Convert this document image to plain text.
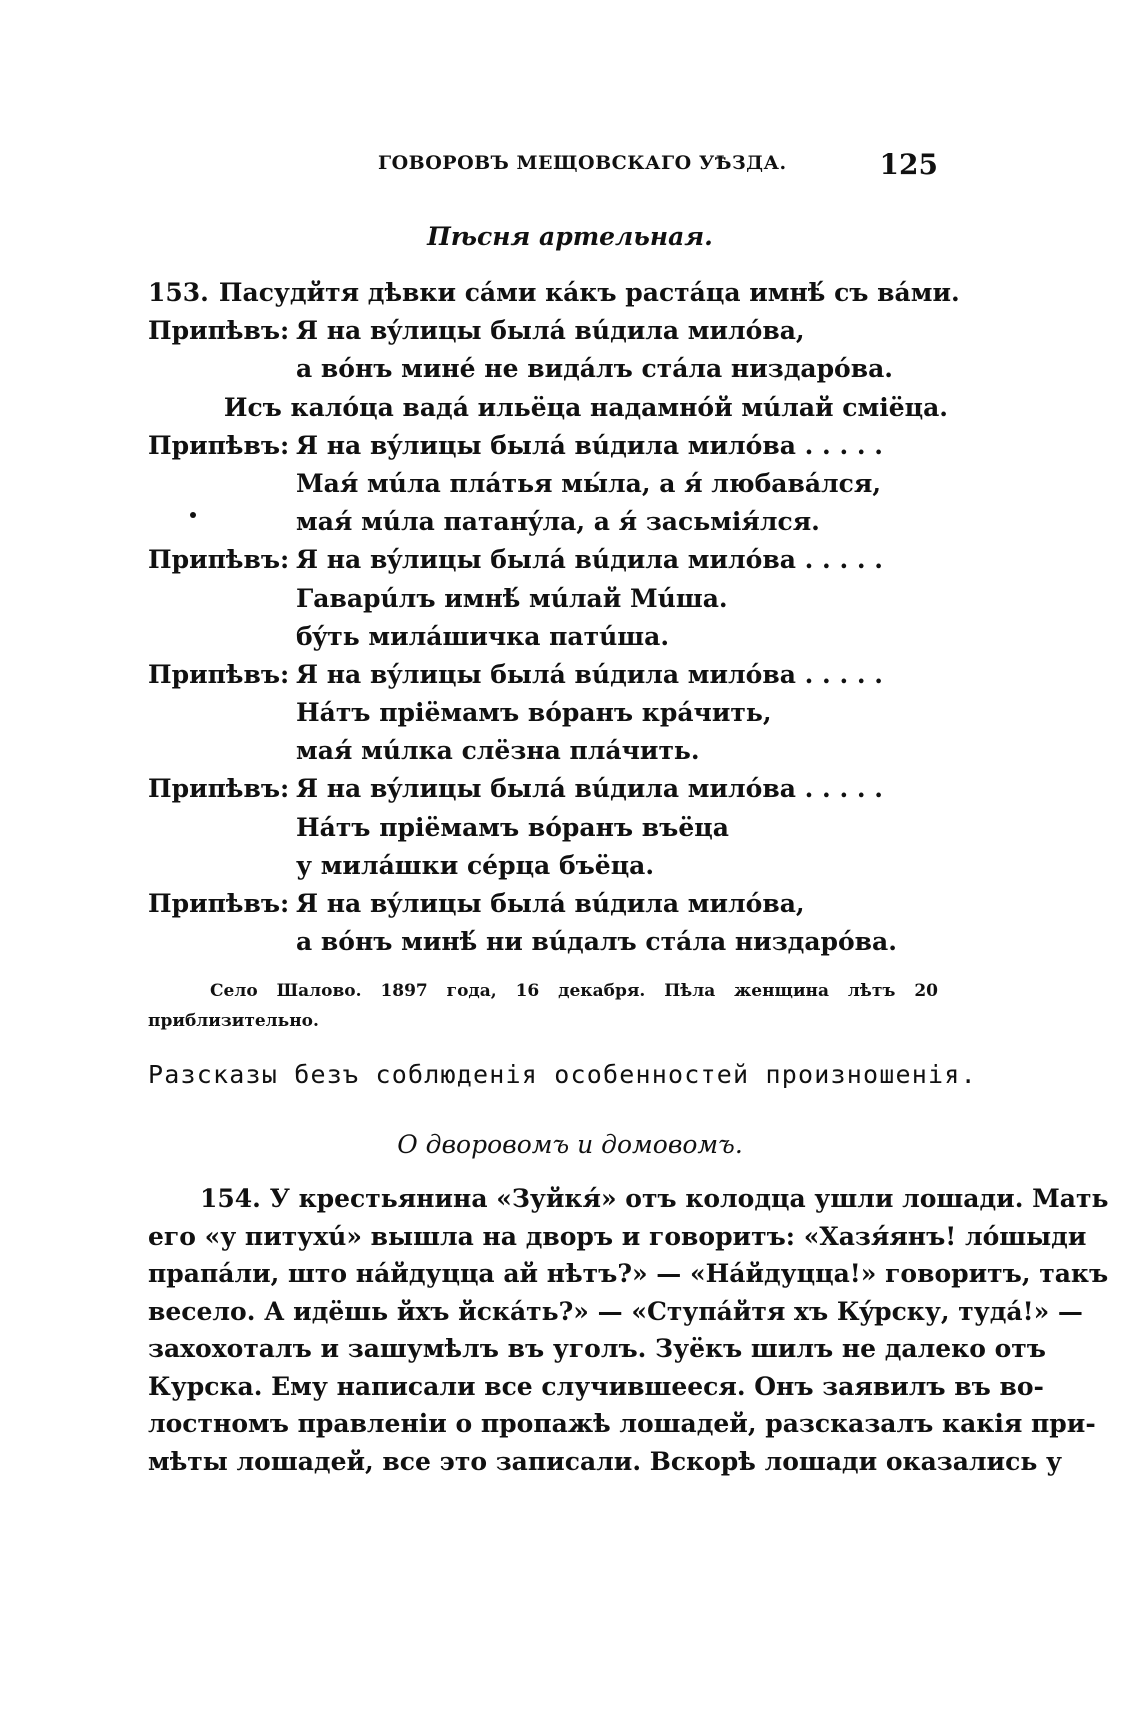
ГОВОРОВЪ МЕЩОВСКАГО УѢЗДА.	125
Пѣсня артельная.
153. Пасудйтя дѣвки сáми кáкъ растáца имнѣ́ съ вáми.
Припѣвъ: Я на вýлицы былá вúдила милóва,
а вóнъ минé не видáлъ стáла низдарóва.
Исъ калóца вадá ильёца надамнóй мúлай смiёца.
Припѣвъ: Я на вýлицы былá вúдила милóва . . . . .
Мая́ мúла плáтья мы́ла, а я́ любавáлся,
мая́ мúла патанýла, а я́ засьмiя́лся.
Припѣвъ: Я на вýлицы былá вúдила милóва . . . . .
Гаварúлъ имнѣ́ мúлай Мúша.
бýть милáшичка патúша.
Припѣвъ: Я на вýлицы былá вúдила милóва . . . . .
Нáтъ прiёмамъ вóранъ крáчить,
мая́ мúлка слёзна плáчить.
Припѣвъ: Я на вýлицы былá вúдила милóва . . . . .
Нáтъ прiёмамъ вóранъ въёца
у милáшки сéрца бъёца.
Припѣвъ: Я на вýлицы былá вúдила милóва,
а вóнъ минѣ́ ни вúдалъ стáла низдарóва.
Село Шалово. 1897 года, 16 декабря. Пѣла женщина лѣтъ 20 приблизительно.
Разсказы безъ соблюденія особенностей произношенія.
О дворовомъ и домовомъ.
154. У крестьянина «Зуйкя́» отъ колодца ушли лошади. Мать
его «у питухú» вышла на дворъ и говоритъ: «Хазя́янъ! лóшыди
прапáли, што нáйдуцца ай нѣтъ?» — «Нáйдуцца!» говоритъ, такъ
весело. А идёшь йхъ йскáть?» — «Ступáйтя хъ Кýрску, тудá!» —
захохоталъ и зашумѣлъ въ уголъ. Зуёкъ шилъ не далеко отъ
Курска. Ему написали все случившееся. Онъ заявилъ въ во-
лостномъ правленіи о пропажѣ лошадей, разсказалъ какія при-
мѣты лошадей, все это записали. Вскорѣ лошади оказались у
